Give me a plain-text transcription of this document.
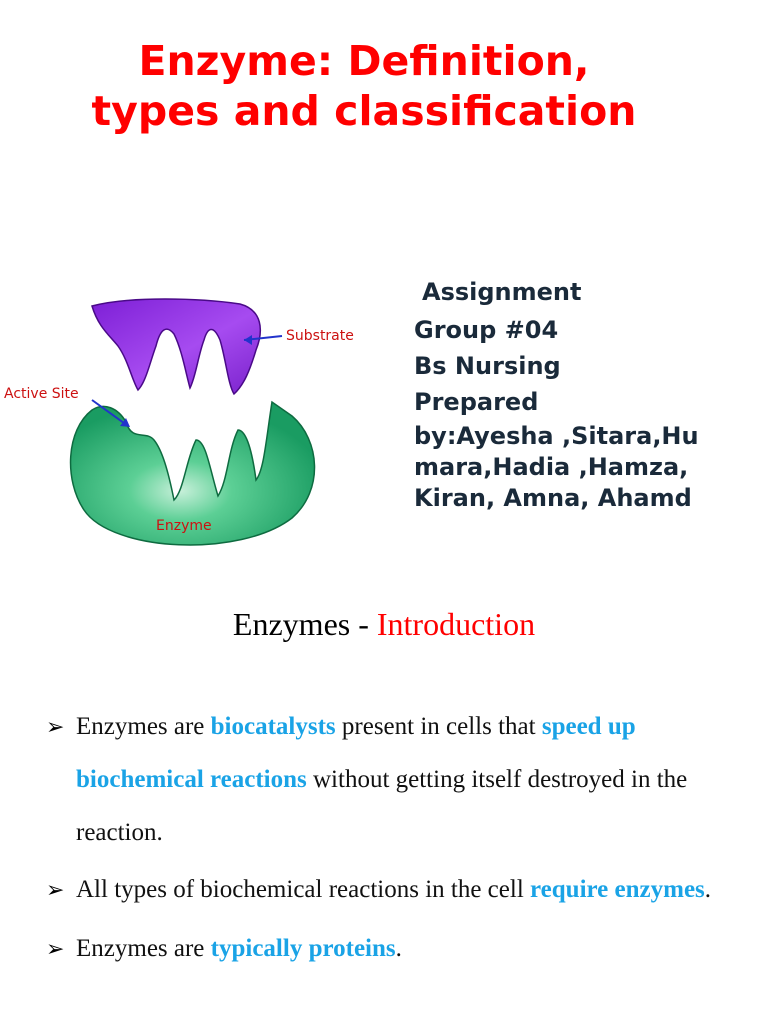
Enzyme: Definition,
types and classification
Substrate
Active Site
Enzyme
Assignment
Group #04
Bs Nursing
Prepared
by:Ayesha ,Sitara,Hu
mara,Hadia ,Hamza,
Kiran, Amna, Ahamd
Enzymes - Introduction
➢ Enzymes are biocatalysts present in cells that speed up biochemical reactions without getting itself destroyed in the reaction.
➢ All types of biochemical reactions in the cell require enzymes.
➢ Enzymes are typically proteins.
